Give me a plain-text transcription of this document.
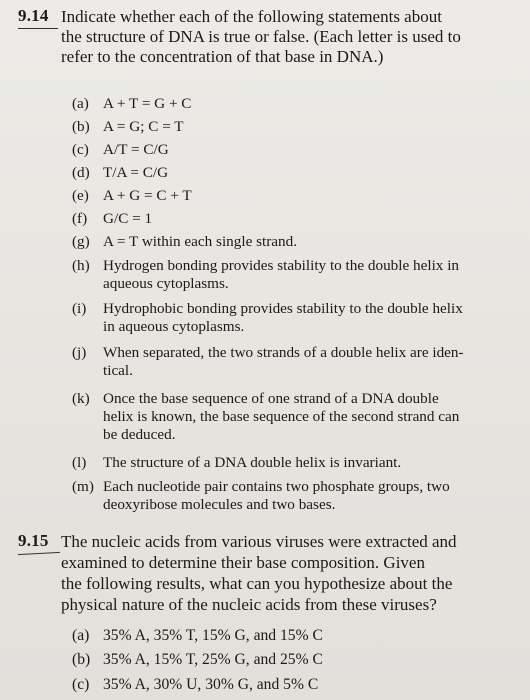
9.14 Indicate whether each of the following statements about
the structure of DNA is true or false. (Each letter is used to
refer to the concentration of that base in DNA.)
(a) A + T = G + C
(b) A = G; C = T
(c) A/T = C/G
(d) T/A = C/G
(e) A + G = C + T
(f) G/C = 1
(g) A = T within each single strand.
(h) Hydrogen bonding provides stability to the double helix in
aqueous cytoplasms.
(i) Hydrophobic bonding provides stability to the double helix
in aqueous cytoplasms.
(j) When separated, the two strands of a double helix are iden-
tical.
(k) Once the base sequence of one strand of a DNA double
helix is known, the base sequence of the second strand can
be deduced.
(l) The structure of a DNA double helix is invariant.
(m) Each nucleotide pair contains two phosphate groups, two
deoxyribose molecules and two bases.
9.15 The nucleic acids from various viruses were extracted and
examined to determine their base composition. Given
the following results, what can you hypothesize about the
physical nature of the nucleic acids from these viruses?
(a) 35% A, 35% T, 15% G, and 15% C
(b) 35% A, 15% T, 25% G, and 25% C
(c) 35% A, 30% U, 30% G, and 5% C
